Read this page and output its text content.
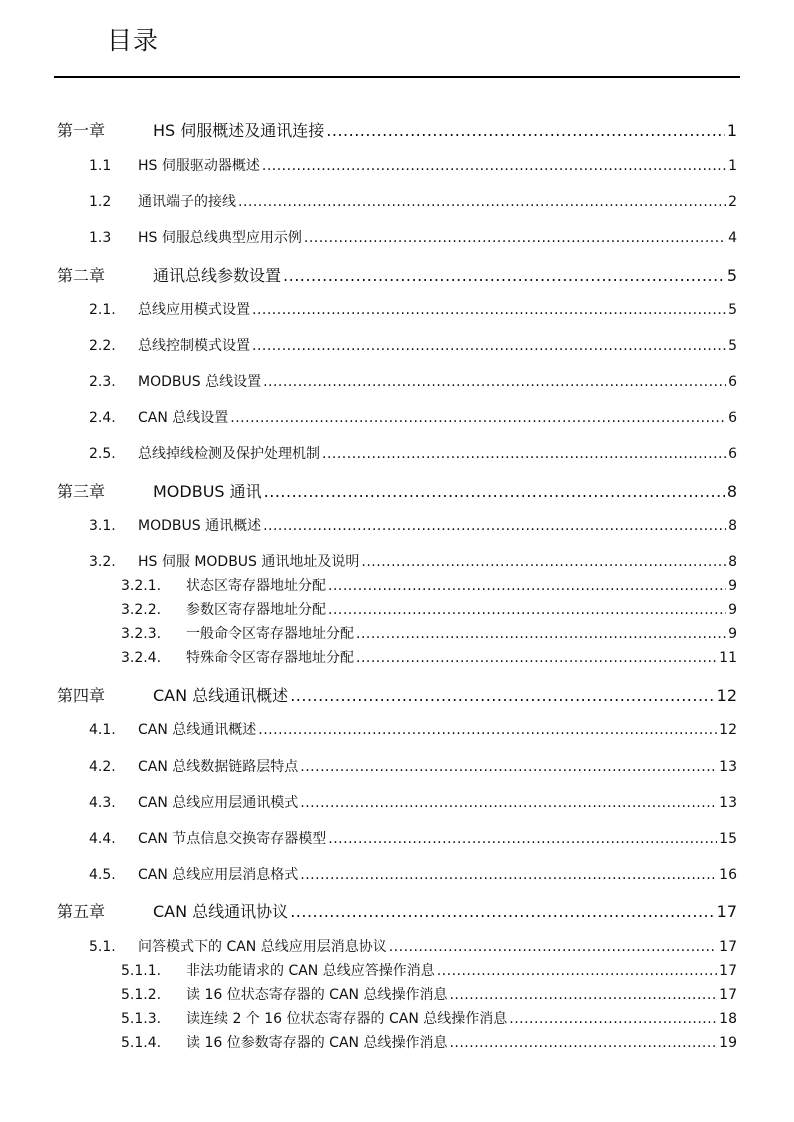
目录
第一章	HS 伺服概述及通讯连接 .....	1
1.1	HS 伺服驱动器概述 .....	1
1.2	通讯端子的接线 .....	2
1.3	HS 伺服总线典型应用示例 .....	4
第二章	通讯总线参数设置 .....	5
2.1.	总线应用模式设置 .....	5
2.2.	总线控制模式设置 .....	5
2.3.	MODBUS 总线设置 .....	6
2.4.	CAN 总线设置 .....	6
2.5.	总线掉线检测及保护处理机制 .....	6
第三章	MODBUS 通讯 .....	8
3.1.	MODBUS 通讯概述 .....	8
3.2.	HS 伺服 MODBUS 通讯地址及说明 .....	8
3.2.1.	状态区寄存器地址分配 .....	9
3.2.2.	参数区寄存器地址分配 .....	9
3.2.3.	一般命令区寄存器地址分配 .....	9
3.2.4.	特殊命令区寄存器地址分配 .....	11
第四章	CAN 总线通讯概述 .....	12
4.1.	CAN 总线通讯概述 .....	12
4.2.	CAN 总线数据链路层特点 .....	13
4.3.	CAN 总线应用层通讯模式 .....	13
4.4.	CAN 节点信息交换寄存器模型 .....	15
4.5.	CAN 总线应用层消息格式 .....	16
第五章	CAN 总线通讯协议 .....	17
5.1.	问答模式下的 CAN 总线应用层消息协议 .....	17
5.1.1.	非法功能请求的 CAN 总线应答操作消息 .....	17
5.1.2.	读 16 位状态寄存器的 CAN 总线操作消息 .....	17
5.1.3.	读连续 2 个 16 位状态寄存器的 CAN 总线操作消息 .....	18
5.1.4.	读 16 位参数寄存器的 CAN 总线操作消息 .....	19
